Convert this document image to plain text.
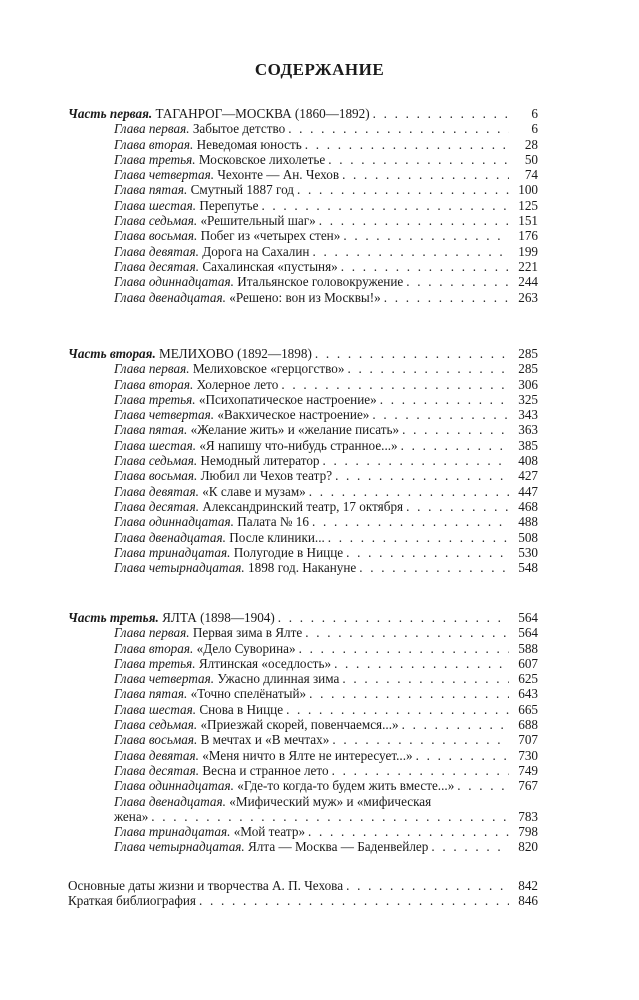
СОДЕРЖАНИЕ
Часть первая. ТАГАНРОГ—МОСКВА (1860—1892) . . .	6
Глава первая. Забытое детство . . .	6
Глава вторая. Неведомая юность . . .	28
Глава третья. Московское лихолетье . . .	50
Глава четвертая. Чехонте — Ан. Чехов . . .	74
Глава пятая. Смутный 1887 год . . .	100
Глава шестая. Перепутье . . .	125
Глава седьмая. «Решительный шаг» . . .	151
Глава восьмая. Побег из «четырех стен» . . .	176
Глава девятая. Дорога на Сахалин . . .	199
Глава десятая. Сахалинская «пустыня» . . .	221
Глава одиннадцатая. Итальянское головокружение . . .	244
Глава двенадцатая. «Решено: вон из Москвы!» . . .	263
Часть вторая. МЕЛИХОВО (1892—1898) . . .	285
Глава первая. Мелиховское «герцогство» . . .	285
Глава вторая. Холерное лето . . .	306
Глава третья. «Психопатическое настроение» . . .	325
Глава четвертая. «Вакхическое настроение» . . .	343
Глава пятая. «Желание жить» и «желание писать» . . .	363
Глава шестая. «Я напишу что-нибудь странное...» . . .	385
Глава седьмая. Немодный литератор . . .	408
Глава восьмая. Любил ли Чехов театр? . . .	427
Глава девятая. «К славе и музам» . . .	447
Глава десятая. Александринский театр, 17 октября . . .	468
Глава одиннадцатая. Палата № 16 . . .	488
Глава двенадцатая. После клиники... . . .	508
Глава тринадцатая. Полугодие в Ницце . . .	530
Глава четырнадцатая. 1898 год. Накануне . . .	548
Часть третья. ЯЛТА (1898—1904) . . .	564
Глава первая. Первая зима в Ялте . . .	564
Глава вторая. «Дело Суворина» . . .	588
Глава третья. Ялтинская «оседлость» . . .	607
Глава четвертая. Ужасно длинная зима . . .	625
Глава пятая. «Точно спелёнатый» . . .	643
Глава шестая. Снова в Ницце . . .	665
Глава седьмая. «Приезжай скорей, повенчаемся...» . . .	688
Глава восьмая. В мечтах и «В мечтах» . . .	707
Глава девятая. «Меня ничто в Ялте не интересует...» . . .	730
Глава десятая. Весна и странное лето . . .	749
Глава одиннадцатая. «Где-то когда-то будем жить вместе...» . . .	767
Глава двенадцатая. «Мифический муж» и «мифическая
жена» . . .	783
Глава тринадцатая. «Мой театр» . . .	798
Глава четырнадцатая. Ялта — Москва — Баденвейлер . . .	820
Основные даты жизни и творчества А. П. Чехова . . .	842
Краткая библиография . . .	846
